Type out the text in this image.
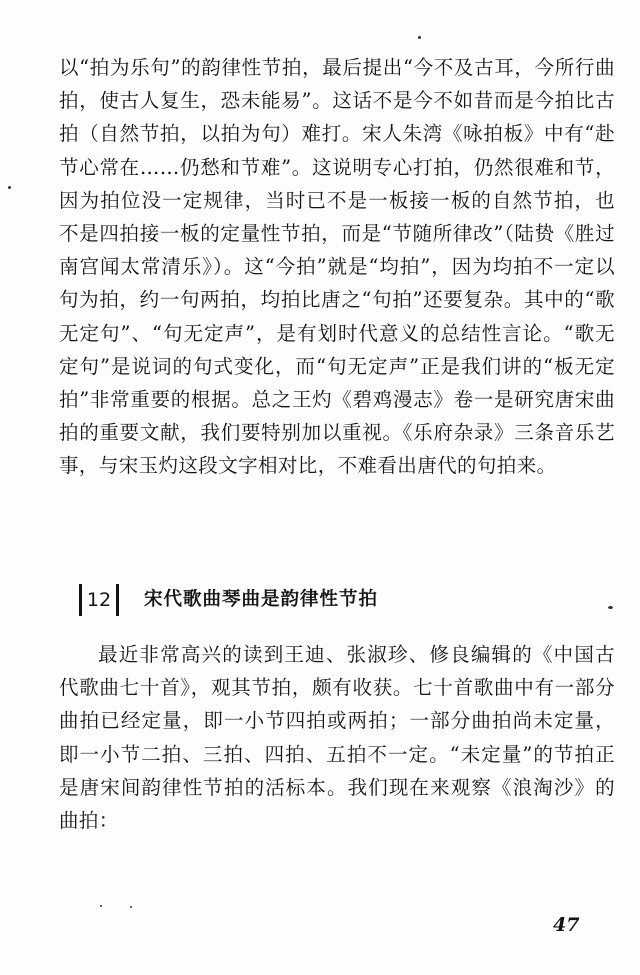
以“拍为乐句”的韵律性节拍，最后提出“今不及古耳，今所行曲拍，使古人复生，恐未能易”。这话不是今不如昔而是今拍比古拍（自然节拍，以拍为句）难打。宋人朱湾《咏拍板》中有“赴节心常在……仍愁和节难”。这说明专心打拍，仍然很难和节，因为拍位没一定规律，当时已不是一板接一板的自然节拍，也不是四拍接一板的定量性节拍，而是“节随所律改”（陆贽《胜过南宫闻太常清乐》）。这“今拍”就是“均拍”，因为均拍不一定以句为拍，约一句两拍，均拍比唐之“句拍”还要复杂。其中的“歌无定句”、“句无定声”，是有划时代意义的总结性言论。“歌无定句”是说词的句式变化，而“句无定声”正是我们讲的“板无定拍”非常重要的根据。总之王灼《碧鸡漫志》卷一是研究唐宋曲拍的重要文献，我们要特别加以重视。《乐府杂录》三条音乐艺事，与宋玉灼这段文字相对比，不难看出唐代的句拍来。

12	宋代歌曲琴曲是韵律性节拍

最近非常高兴的读到王迪、张淑珍、修良编辑的《中国古代歌曲七十首》，观其节拍，颇有收获。七十首歌曲中有一部分曲拍已经定量，即一小节四拍或两拍；一部分曲拍尚未定量，即一小节二拍、三拍、四拍、五拍不一定。“未定量”的节拍正是唐宋间韵律性节拍的活标本。我们现在来观察《浪淘沙》的曲拍：

47
